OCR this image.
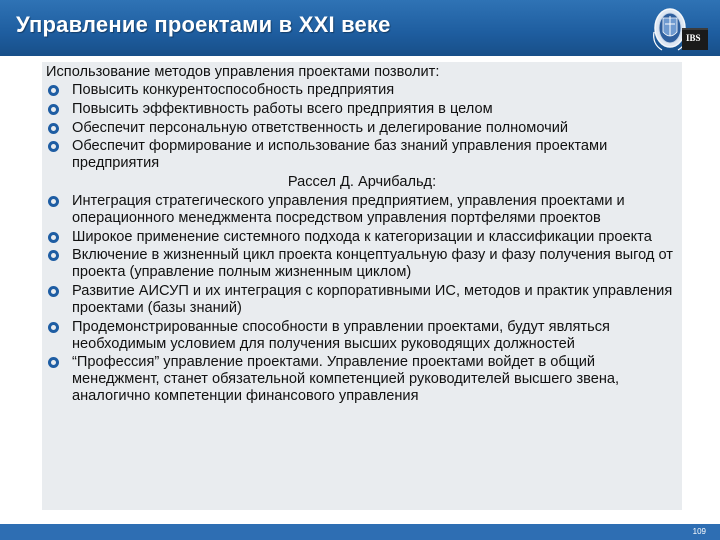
Управление проектами в XXI веке
IBS

Использование методов управления проектами позволит:

Повысить конкурентоспособность предприятия
Повысить эффективность работы всего предприятия в целом
Обеспечит персональную ответственность и делегирование полномочий
Обеспечит формирование и использование баз знаний управления проектами предприятия

Рассел Д. Арчибальд:

Интеграция стратегического управления предприятием, управления проектами и операционного менеджмента посредством управления портфелями проектов
Широкое применение системного подхода к категоризации и классификации проекта
Включение в жизненный цикл проекта концептуальную фазу и фазу получения выгод от проекта (управление полным жизненным циклом)
Развитие АИСУП и их интеграция с корпоративными ИС, методов и практик управления проектами (базы знаний)
Продемонстрированные способности в управлении проектами, будут являться необходимым условием для получения высших руководящих должностей
“Профессия” управление проектами. Управление проектами войдет в общий менеджмент, станет обязательной компетенцией руководителей высшего звена, аналогично компетенции финансового управления
109
